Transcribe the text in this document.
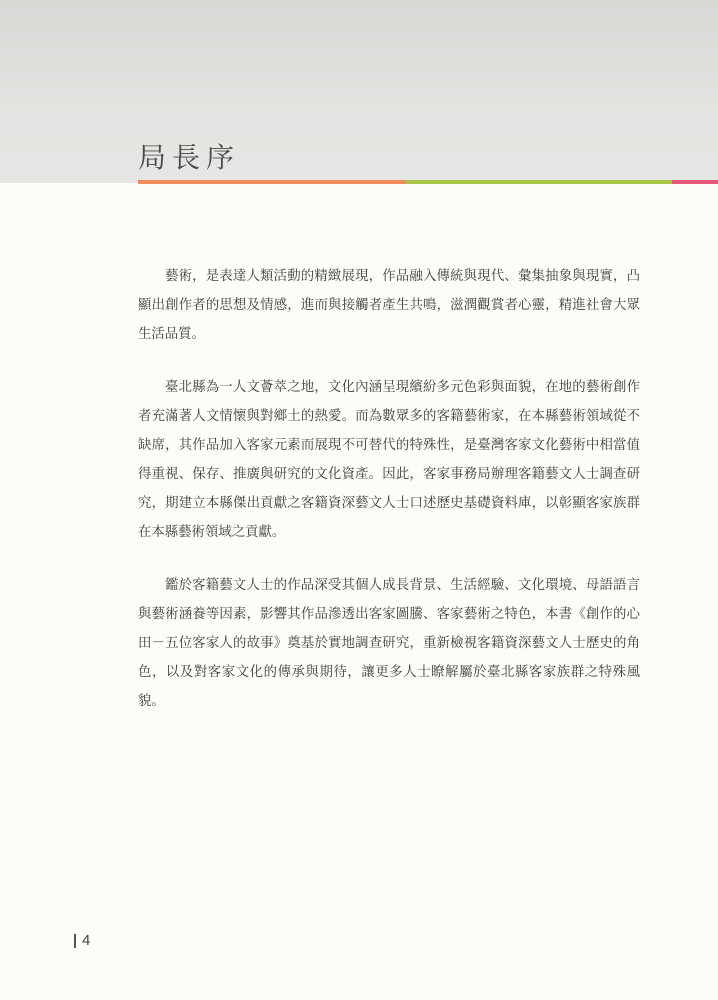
局長序

藝術，是表達人類活動的精緻展現，作品融入傳統與現代、彙集抽象與現實，凸顯出創作者的思想及情感，進而與接觸者產生共鳴，滋潤觀賞者心靈，精進社會大眾生活品質。

臺北縣為一人文薈萃之地，文化內涵呈現繽紛多元色彩與面貌，在地的藝術創作者充滿著人文情懷與對鄉土的熱愛。而為數眾多的客籍藝術家，在本縣藝術領域從不缺席，其作品加入客家元素而展現不可替代的特殊性，是臺灣客家文化藝術中相當值得重視、保存、推廣與研究的文化資產。因此，客家事務局辦理客籍藝文人士調查研究，期建立本縣傑出貢獻之客籍資深藝文人士口述歷史基礎資料庫，以彰顯客家族群在本縣藝術領域之貢獻。

鑑於客籍藝文人士的作品深受其個人成長背景、生活經驗、文化環境、母語語言與藝術涵養等因素，影響其作品滲透出客家圖騰、客家藝術之特色，本書《創作的心田－五位客家人的故事》奠基於實地調查研究，重新檢視客籍資深藝文人士歷史的角色，以及對客家文化的傳承與期待，讓更多人士瞭解屬於臺北縣客家族群之特殊風貌。

4
